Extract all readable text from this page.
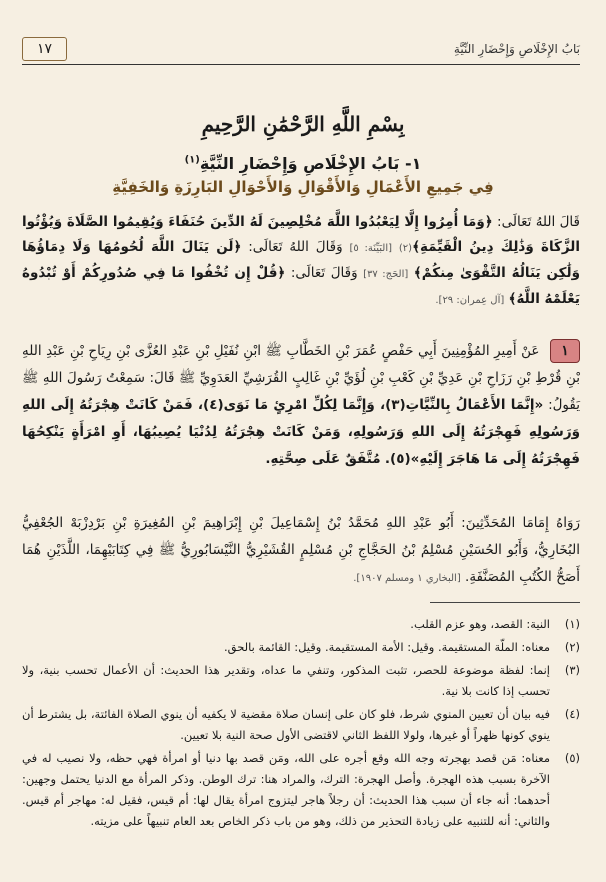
بَابُ الإِخْلَاصِ وَإِحْضَارِ النِّيَّةِ
١٧
بِسْمِ اللَّهِ الرَّحْمَٰنِ الرَّحِيمِ
١- بَابُ الإِخْلَاصِ وَإِحْضَارِ النِّيَّةِ$^{(١)}$
فِي جَمِيعِ الأَعْمَالِ وَالأَقْوَالِ وَالأَحْوَالِ البَارِزَةِ وَالخَفِيَّةِ
قَالَ اللهُ تَعَالَى: ﴿وَمَا أُمِرُوا إِلَّا لِيَعْبُدُوا اللَّهَ مُخْلِصِينَ لَهُ الدِّينَ حُنَفَاءَ وَيُقِيمُوا الصَّلَاةَ وَيُؤْتُوا الزَّكَاةَ وَذَٰلِكَ دِينُ الْقَيِّمَةِ﴾(٢) [البَيِّنَة: ٥] وَقَالَ اللهُ تَعَالَى: ﴿لَن يَنَالَ اللَّهَ لُحُومُهَا وَلَا دِمَاؤُهَا وَلَٰكِن يَنَالُهُ التَّقْوَىٰ مِنكُمْ﴾ [الحَج: ٣٧] وَقَالَ تَعَالَى: ﴿قُلْ إِن تُخْفُوا مَا فِي صُدُورِكُمْ أَوْ تُبْدُوهُ يَعْلَمْهُ اللَّهُ﴾ [آل عِمران: ٢٩].
١ عَنْ أَمِيرِ المُؤْمِنِينَ أَبِي حَفْصٍ عُمَرَ بْنِ الخَطَّابِ ﷺ ابْنِ نُفَيْلِ بْنِ عَبْدِ العُزَّى بْنِ رِيَاحِ بْنِ عَبْدِ اللهِ بْنِ قُرْطِ بْنِ رَزَاحِ بْنِ عَدِيِّ بْنِ كَعْبِ بْنِ لُؤَيِّ بْنِ غَالِبٍ القُرَشِيِّ العَدَوِيِّ ﷺ قَالَ: سَمِعْتُ رَسُولَ اللهِ ﷺ يَقُولُ: «إِنَّمَا الأَعْمَالُ بِالنِّيَّاتِ(٣)، وَإِنَّمَا لِكُلِّ امْرِئٍ مَا نَوَى(٤)، فَمَنْ كَانَتْ هِجْرَتُهُ إِلَى اللهِ وَرَسُولِهِ فَهِجْرَتُهُ إِلَى اللهِ وَرَسُولِهِ، وَمَنْ كَانَتْ هِجْرَتُهُ لِدُنْيَا يُصِيبُهَا، أَوِ امْرَأَةٍ يَنْكِحُهَا فَهِجْرَتُهُ إِلَى مَا هَاجَرَ إِلَيْهِ»(٥). مُتَّفَقٌ عَلَى صِحَّتِهِ.
رَوَاهُ إِمَامَا المُحَدِّثِينَ: أَبُو عَبْدِ اللهِ مُحَمَّدُ بْنُ إِسْمَاعِيلَ بْنِ إِبْرَاهِيمَ بْنِ المُغِيرَةِ بْنِ بَرْدِزْبَهْ الجُعْفِيُّ البُخَارِيُّ، وَأَبُو الحُسَيْنِ مُسْلِمُ بْنُ الحَجَّاجِ بْنِ مُسْلِمٍ القُشَيْرِيُّ النَّيْسَابُورِيُّ ﷺ فِي كِتَابَيْهِمَا، اللَّذَيْنِ هُمَا أَصَحُّ الكُتُبِ المُصَنَّفَةِ. [البخاري ١ ومسلم ١٩٠٧].
(١)
النية: القصد، وهو عزم القلب.
(٢)
معناه: الملّة المستقيمة. وقيل: الأمة المستقيمة. وقيل: القائمة بالحق.
(٣)
إنما: لفظة موضوعة للحصر، تثبت المذكور، وتنفي ما عداه، وتقدير هذا الحديث: أن الأعمال تحسب بنية، ولا تحسب إذا كانت بلا نية.
(٤)
فيه بيان أن تعيين المنوي شرط، فلو كان على إنسان صلاة مقضية لا يكفيه أن ينوي الصلاة الفائتة، بل يشترط أن ينوي كونها ظهراً أو غيرها، ولولا اللفظ الثاني لاقتضى الأول صحة النية بلا تعيين.
(٥)
معناه: مَن قصد بهجرته وجه الله وقع أجره على الله، ومَن قصد بها دنيا أو امرأة فهي حظه، ولا نصيب له في الآخرة بسبب هذه الهجرة. وأصل الهجرة: الترك، والمراد هنا: ترك الوطن. وذكر المرأة مع الدنيا يحتمل وجهين: أحدهما: أنه جاء أن سبب هذا الحديث: أن رجلاً هاجر ليتزوج امرأة يقال لها: أم قيس، فقيل له: مهاجر أم قيس. والثاني: أنه للتنبيه على زيادة التحذير من ذلك، وهو من باب ذكر الخاص بعد العام تنبيهاً على مزيته.
